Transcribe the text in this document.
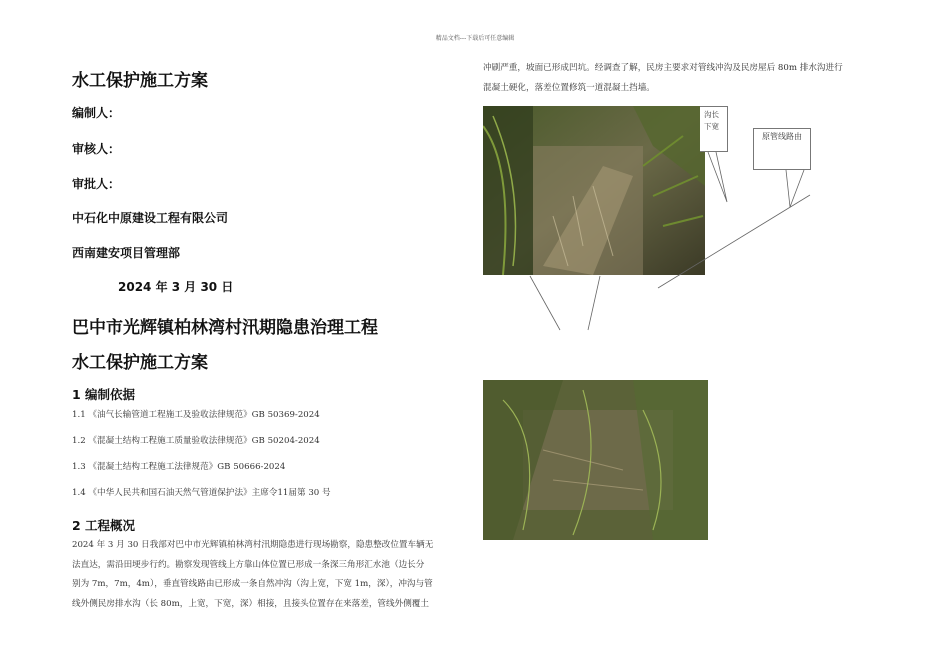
精品文档---下载后可任意编辑
水工保护施工方案
编制人：
审核人：
审批人：
中石化中原建设工程有限公司
西南建安项目管理部
2024 年 3 月 30 日
巴中市光辉镇柏林湾村汛期隐患治理工程
水工保护施工方案
1 编制依据
1.1 《油气长输管道工程施工及验收法律规范》GB 50369-2024
1.2 《混凝土结构工程施工质量验收法律规范》GB 50204-2024
1.3 《混凝土结构工程施工法律规范》GB 50666-2024
1.4 《中华人民共和国石油天然气管道保护法》主席令11届第 30 号
2 工程概况
2024 年 3 月 30 日我部对巴中市光辉镇柏林湾村汛期隐患进行现场勘察，隐患整改位置车辆无
法直达，需沿田埂步行约。勘察发现管线上方靠山体位置已形成一条深三角形汇水池（边长分
别为 7m，7m，4m），垂直管线路由已形成一条自然冲沟（沟上宽，下宽 1m，深），冲沟与管
线外侧民房排水沟（长 80m，上宽，下宽，深）相接，且接头位置存在来落差，管线外侧覆土
冲刷严重，坡面已形成凹坑。经调查了解，民房主要求对管线冲沟及民房屋后 80m 排水沟进行
混凝土硬化，落差位置修筑一道混凝土挡墙。
沟长
下宽
原管线路由
